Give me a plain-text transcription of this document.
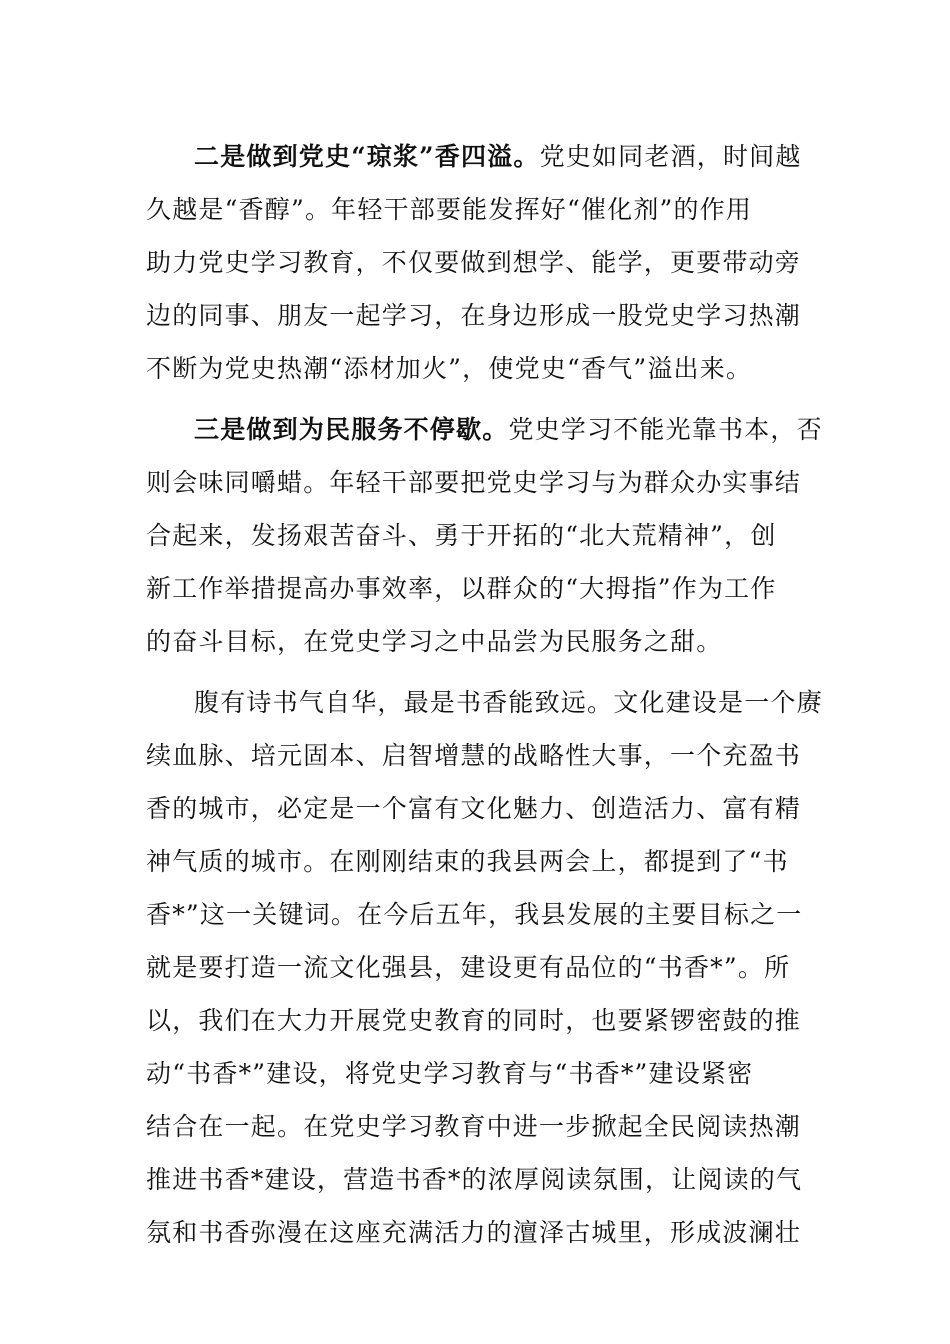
二是做到党史“琼浆”香四溢。党史如同老酒，时间越
久越是“香醇”。年轻干部要能发挥好“催化剂”的作用
助力党史学习教育，不仅要做到想学、能学，更要带动旁
边的同事、朋友一起学习，在身边形成一股党史学习热潮
不断为党史热潮“添材加火”，使党史“香气”溢出来。
三是做到为民服务不停歇。党史学习不能光靠书本，否
则会味同嚼蜡。年轻干部要把党史学习与为群众办实事结
合起来，发扬艰苦奋斗、勇于开拓的“北大荒精神”，创
新工作举措提高办事效率，以群众的“大拇指”作为工作
的奋斗目标，在党史学习之中品尝为民服务之甜。
腹有诗书气自华，最是书香能致远。文化建设是一个赓
续血脉、培元固本、启智增慧的战略性大事，一个充盈书
香的城市，必定是一个富有文化魅力、创造活力、富有精
神气质的城市。在刚刚结束的我县两会上，都提到了“书
香*”这一关键词。在今后五年，我县发展的主要目标之一
就是要打造一流文化强县，建设更有品位的“书香*”。所
以，我们在大力开展党史教育的同时，也要紧锣密鼓的推
动“书香*”建设，将党史学习教育与“书香*”建设紧密
结合在一起。在党史学习教育中进一步掀起全民阅读热潮
推进书香*建设，营造书香*的浓厚阅读氛围，让阅读的气
氛和书香弥漫在这座充满活力的澶泽古城里，形成波澜壮
